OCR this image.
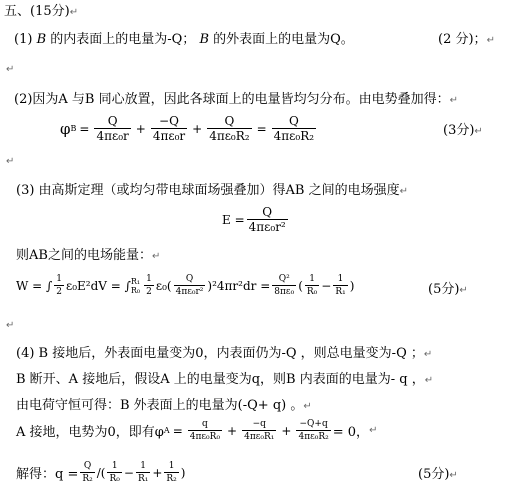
五、(15分)↵
(1) B 的内表面上的电量为-Q； B 的外表面上的电量为Q。	(2 分)；↵
↵
(2)因为A 与B 同心放置，因此各球面上的电量皆均匀分布。由电势叠加得：↵
φ $B = \frac{Q}{\text{4πε₀r}} + \frac{-Q}{\text{4πε₀r}} + \frac{Q}{\text{4πε₀R₂}} = \frac{Q}{\text{4πε₀R₂}}$	(3分)↵
↵
(3) 由高斯定理（或均匀带电球面场强叠加）得AB 之间的电场强度↵
$E = \frac{Q}{\text{4πε₀r²}}$
则AB之间的电场能量：↵
W = ∫ $\frac{1}{2} \varepsilon_0E^2dV$ = ∫ R₁
$R_0 \frac{1}{2} \varepsilon_0( \frac{Q}{\text{4πε₀r²}} )^24\pi r^2dr = \frac{\text{Q²}}{\text{8πε₀}}$ ( $\frac{1}{\text{R₀}} - \frac{1}{\text{R₁}}$ )	(5分)↵
↵
(4) B 接地后，外表面电量变为0，内表面仍为-Q ，则总电量变为-Q ；↵
B 断开、A 接地后，假设A 上的电量变为q，则B 内表面的电量为- q ，↵
由电荷守恒可得：B 外表面上的电量为(-Q+ q) 。↵
A 接地，电势为0，即有φ $A = \frac{q}{\text{4πε₀R₀}} + \frac{-q}{\text{4πε₀R₁}} + \frac{-Q+q}{\text{4πε₀R₂}} = 0$， ↵
解得：$q = \frac{Q}{\text{R₂}}$ /( $\frac{1}{\text{R₀}} - \frac{1}{\text{R₁}} + \frac{1}{\text{R₂}}$ )	(5分)↵
